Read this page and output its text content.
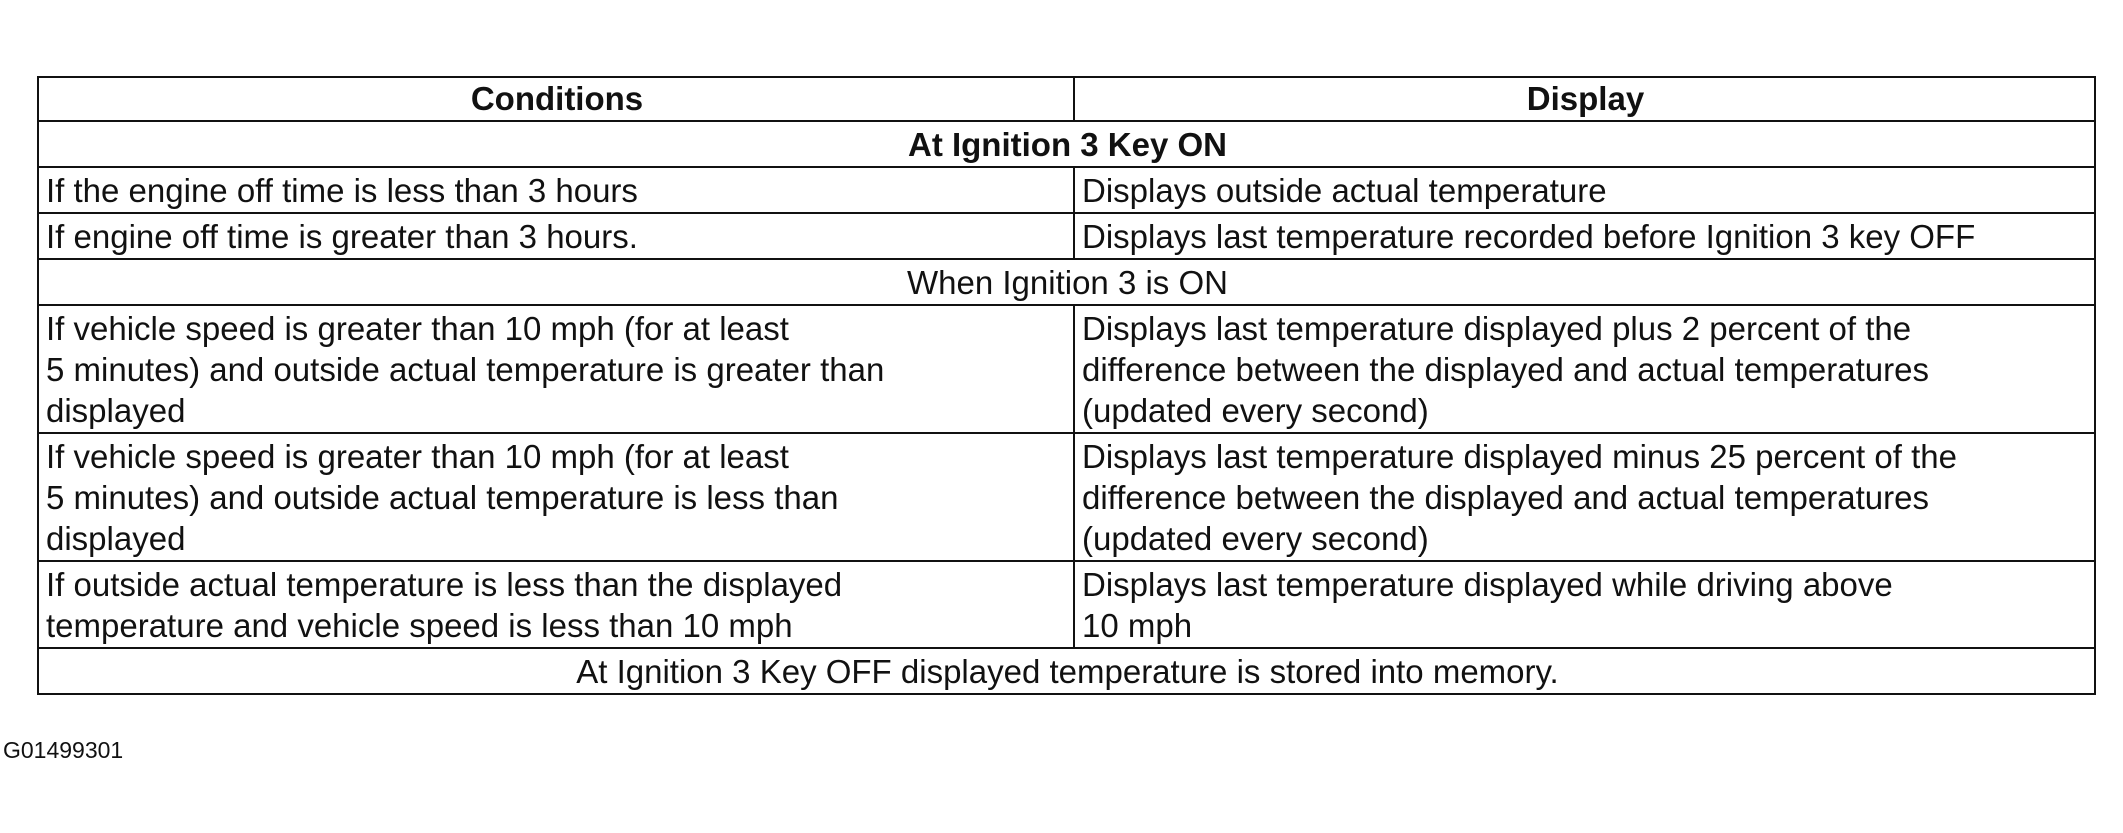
Conditions	Display
At Ignition 3 Key ON	

If the engine off time is less than 3 hours	Displays outside actual temperature

If engine off time is greater than 3 hours.	Displays last temperature recorded before Ignition 3 key OFF

When Ignition 3 is ON	

If vehicle speed is greater than 10 mph (for at least
5 minutes) and outside actual temperature is greater than
displayed	Displays last temperature displayed plus 2 percent of the
difference between the displayed and actual temperatures
(updated every second)

If vehicle speed is greater than 10 mph (for at least
5 minutes) and outside actual temperature is less than
displayed	Displays last temperature displayed minus 25 percent of the
difference between the displayed and actual temperatures
(updated every second)

If outside actual temperature is less than the displayed
temperature and vehicle speed is less than 10 mph	Displays last temperature displayed while driving above
10 mph

At Ignition 3 Key OFF displayed temperature is stored into memory.	
G01499301
